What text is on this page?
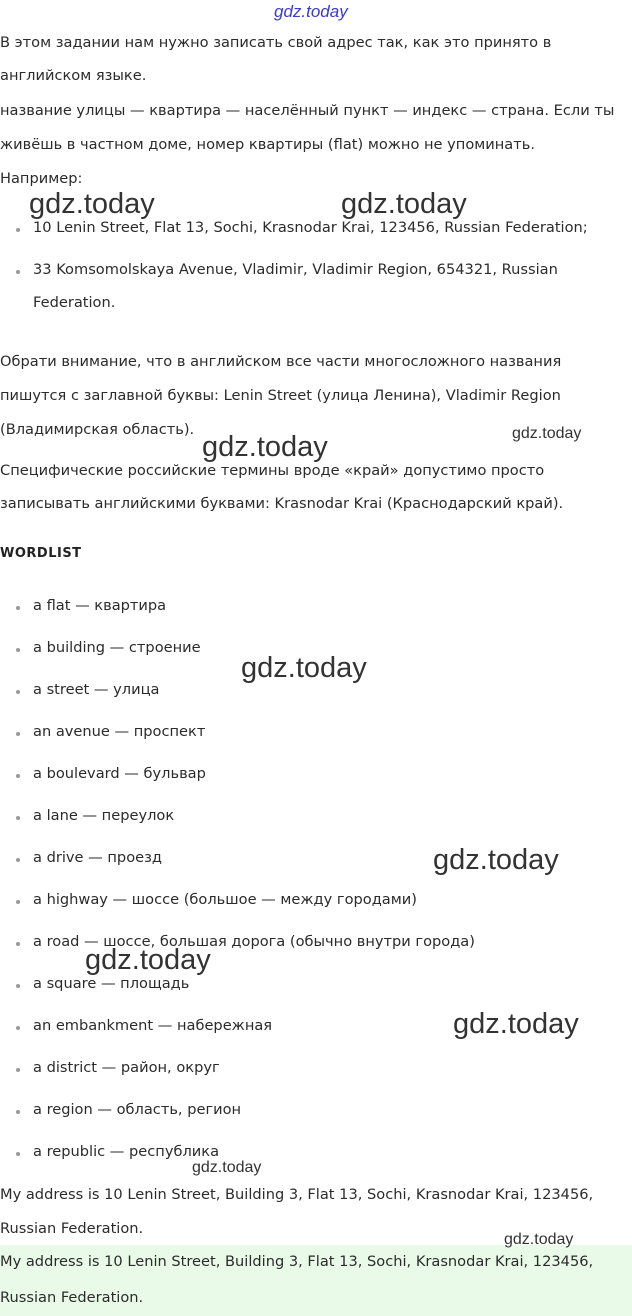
gdz.today
В этом задании нам нужно записать свой адрес так, как это принято в
английском языке.
название улицы — квартира — населённый пункт — индекс — страна. Если ты
живёшь в частном доме, номер квартиры (flat) можно не упоминать.
Например:
10 Lenin Street, Flat 13, Sochi, Krasnodar Krai, 123456, Russian Federation;
33 Komsomolskaya Avenue, Vladimir, Vladimir Region, 654321, Russian
Federation.
Обрати внимание, что в английском все части многосложного названия
пишутся с заглавной буквы: Lenin Street (улица Ленина), Vladimir Region
(Владимирская область).
Специфические российские термины вроде «край» допустимо просто
записывать английскими буквами: Krasnodar Krai (Краснодарский край).
WORDLIST
a flat — квартира
a building — строение
a street — улица
an avenue — проспект
a boulevard — бульвар
a lane — переулок
a drive — проезд
a highway — шоссе (большое — между городами)
a road — шоссе, большая дорога (обычно внутри города)
a square — площадь
an embankment — набережная
a district — район, округ
a region — область, регион
a republic — республика
My address is 10 Lenin Street, Building 3, Flat 13, Sochi, Krasnodar Krai, 123456,
Russian Federation.
My address is 10 Lenin Street, Building 3, Flat 13, Sochi, Krasnodar Krai, 123456,
Russian Federation.
gdz.today	gdz.today
gdz.today
gdz.today
gdz.today
gdz.today
gdz.today
gdz.today
gdz.today
gdz.today
